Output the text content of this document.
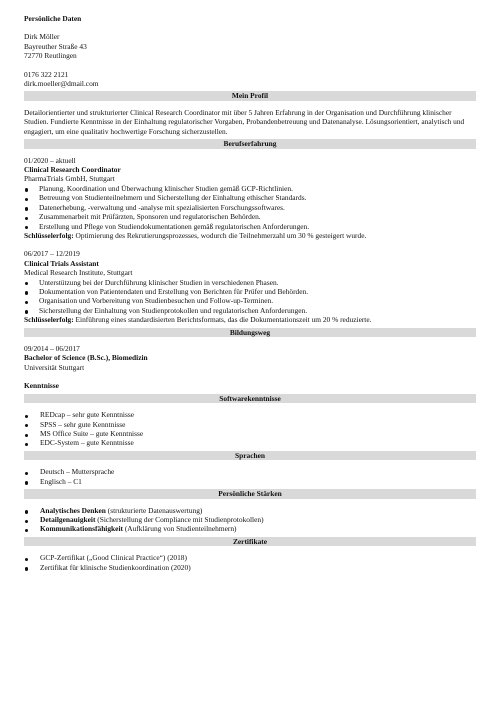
Persönliche Daten
Dirk Möller
Bayreuther Straße 43
72770 Reutlingen
0176 322 2121
dirk.moeller@dmail.com
Mein Profil
Detailorientierter und strukturierter Clinical Research Coordinator mit über 5 Jahren Erfahrung in der Organisation und Durchführung klinischer Studien. Fundierte Kenntnisse in der Einhaltung regulatorischer Vorgaben, Probandenbetreuung und Datenanalyse. Lösungsorientiert, analytisch und engagiert, um eine qualitativ hochwertige Forschung sicherzustellen.
Berufserfahrung
01/2020 – aktuell
Clinical Research Coordinator
PharmaTrials GmbH, Stuttgart
Planung, Koordination und Überwachung klinischer Studien gemäß GCP-Richtlinien.
Betreuung von Studienteilnehmern und Sicherstellung der Einhaltung ethischer Standards.
Datenerhebung, -verwaltung und -analyse mit spezialisierten Forschungssoftwares.
Zusammenarbeit mit Prüfärzten, Sponsoren und regulatorischen Behörden.
Erstellung und Pflege von Studiendokumentationen gemäß regulatorischen Anforderungen.
Schlüsselerfolg: Optimierung des Rekrutierungsprozesses, wodurch die Teilnehmerzahl um 30 % gesteigert wurde.
06/2017 – 12/2019
Clinical Trials Assistant
Medical Research Institute, Stuttgart
Unterstützung bei der Durchführung klinischer Studien in verschiedenen Phasen.
Dokumentation von Patientendaten und Erstellung von Berichten für Prüfer und Behörden.
Organisation und Vorbereitung von Studienbesuchen und Follow-up-Terminen.
Sicherstellung der Einhaltung von Studienprotokollen und regulatorischen Anforderungen.
Schlüsselerfolg: Einführung eines standardisierten Berichtsformats, das die Dokumentationszeit um 20 % reduzierte.
Bildungsweg
09/2014 – 06/2017
Bachelor of Science (B.Sc.), Biomedizin
Universität Stuttgart
Kenntnisse
Softwarekenntnisse
REDcap – sehr gute Kenntnisse
SPSS – sehr gute Kenntnisse
MS Office Suite – gute Kenntnisse
EDC-System – gute Kenntnisse
Sprachen
Deutsch – Muttersprache
Englisch – C1
Persönliche Stärken
Analytisches Denken (strukturierte Datenauswertung)
Detailgenauigkeit (Sicherstellung der Compliance mit Studienprotokollen)
Kommunikationsfähigkeit (Aufklärung von Studienteilnehmern)
Zertifikate
GCP-Zertifikat („Good Clinical Practice“) (2018)
Zertifikat für klinische Studienkoordination (2020)
